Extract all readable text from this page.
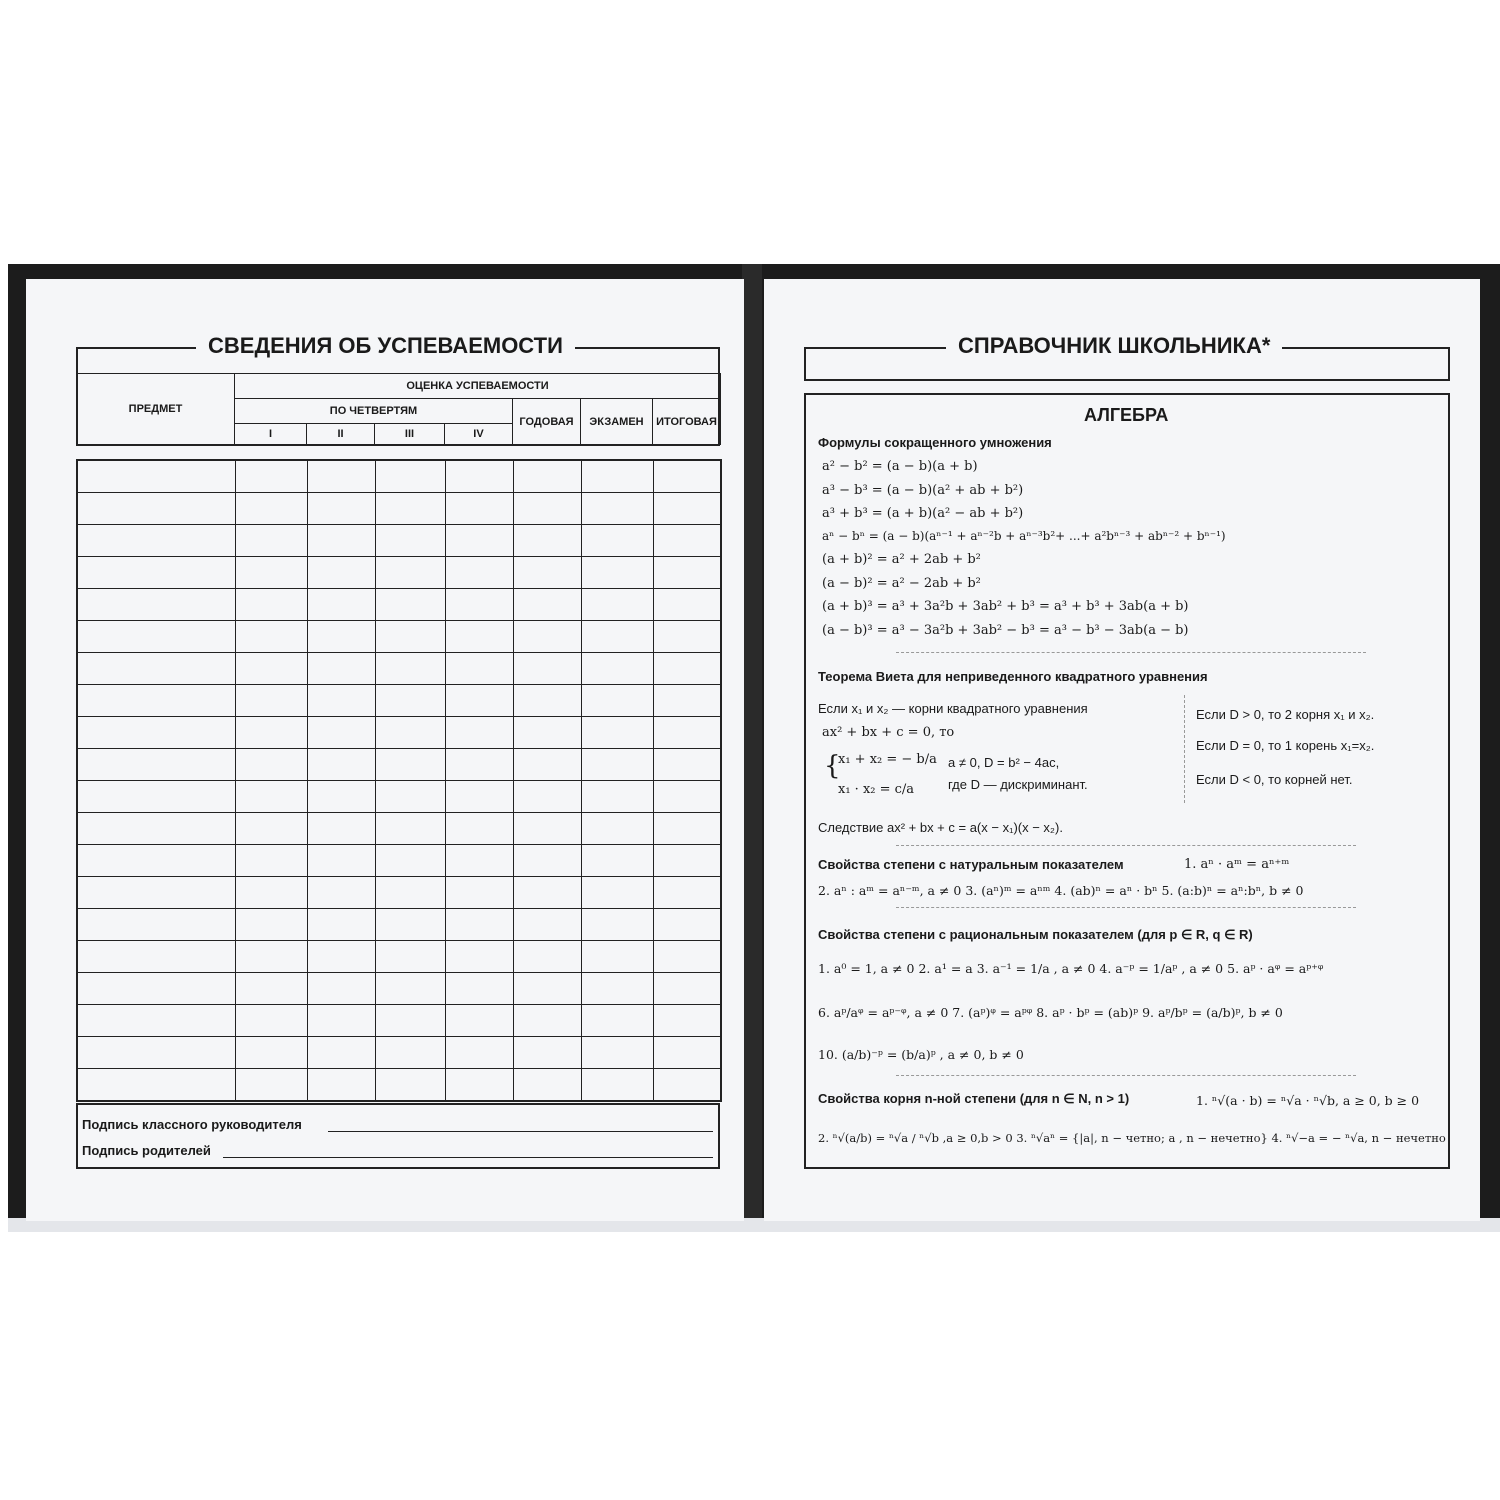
СВЕДЕНИЯ ОБ УСПЕВАЕМОСТИ
ПРЕДМЕТ	ОЦЕНКА УСПЕВАЕМОСТИ						
	ПО ЧЕТВЕРТЯМ				ГОДОВАЯ	ЭКЗАМЕН	ИТОГОВАЯ
	I	II	III	IV			

Подпись классного руководителя
Подпись родителей
СПРАВОЧНИК ШКОЛЬНИКА*
АЛГЕБРА
Формулы сокращенного умножения
a² − b² = (a − b)(a + b)
a³ − b³ = (a − b)(a² + ab + b²)
a³ + b³ = (a + b)(a² − ab + b²)
aⁿ − bⁿ = (a − b)(aⁿ⁻¹ + aⁿ⁻²b + aⁿ⁻³b²+ ...+ a²bⁿ⁻³ + abⁿ⁻² + bⁿ⁻¹)
(a + b)² = a² + 2ab + b²
(a − b)² = a² − 2ab + b²
(a + b)³ = a³ + 3a²b + 3ab² + b³ = a³ + b³ + 3ab(a + b)
(a − b)³ = a³ − 3a²b + 3ab² − b³ = a³ − b³ − 3ab(a − b)
Теорема Виета для неприведенного квадратного уравнения
Если x₁ и x₂ — корни квадратного уравнения
ax² + bx + c = 0, то
{
x₁ + x₂ = − b/a
x₁ · x₂ = c/a
a ≠ 0, D = b² − 4ac,
где D — дискриминант.
Если D > 0, то 2 корня x₁ и x₂.
Если D = 0, то 1 корень x₁=x₂.
Если D < 0, то корней нет.
Следствие ax² + bx + c = a(x − x₁)(x − x₂).
Свойства степени с натуральным показателем	1. aⁿ · aᵐ = aⁿ⁺ᵐ
2. aⁿ : aᵐ = aⁿ⁻ᵐ, a ≠ 0 3. (aⁿ)ᵐ = aⁿᵐ 4. (ab)ⁿ = aⁿ · bⁿ 5. (a:b)ⁿ = aⁿ:bⁿ, b ≠ 0
Свойства степени с рациональным показателем (для p ∈ R, q ∈ R)
1. a⁰ = 1, a ≠ 0 2. a¹ = a 3. a⁻¹ = 1/a , a ≠ 0 4. a⁻ᵖ = 1/aᵖ , a ≠ 0 5. aᵖ · aᵠ = aᵖ⁺ᵠ
6. aᵖ/aᵠ = aᵖ⁻ᵠ, a ≠ 0 7. (aᵖ)ᵠ = aᵖᵠ 8. aᵖ · bᵖ = (ab)ᵖ 9. aᵖ/bᵖ = (a/b)ᵖ, b ≠ 0
10. (a/b)⁻ᵖ = (b/a)ᵖ , a ≠ 0, b ≠ 0
Свойства корня n-ной степени (для n ∈ N, n > 1)	1. ⁿ√(a · b) = ⁿ√a · ⁿ√b, a ≥ 0, b ≥ 0
2. ⁿ√(a/b) = ⁿ√a / ⁿ√b ,a ≥ 0,b > 0 3. ⁿ√aⁿ = {|a|, n − четно; a , n − нечетно} 4. ⁿ√−a = − ⁿ√a, n − нечетно
